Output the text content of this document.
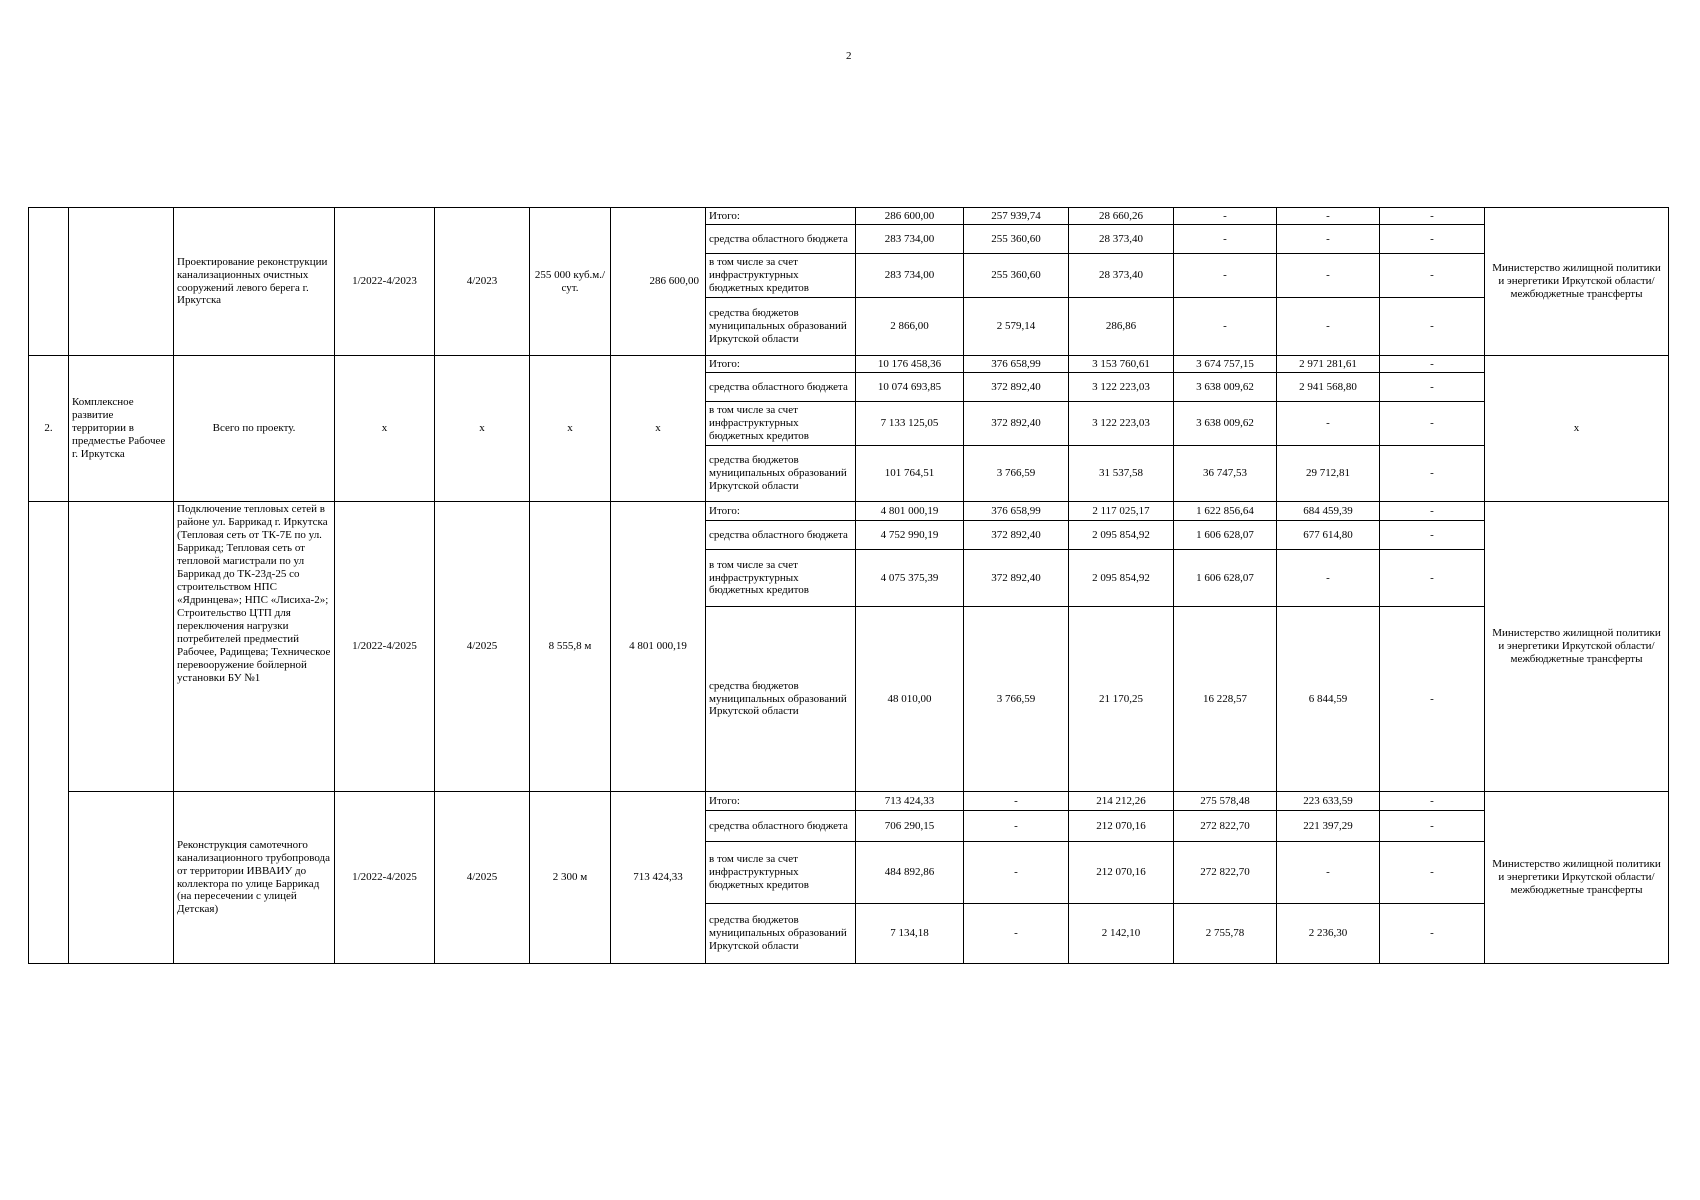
2
		Проектирование реконструкции канализационных очистных сооружений левого берега г. Иркутска	1/2022-4/2023	4/2023	255 000 куб.м./сут.	286 600,00	Итого:	286 600,00	257 939,74	28 660,26	-	-	-	Министерство жилищной политики и энергетики Иркутской области/ межбюджетные трансферты
							средства областного бюджета	283 734,00	255 360,60	28 373,40	-	-	-	
							в том числе за счет инфраструктурных бюджетных кредитов	283 734,00	255 360,60	28 373,40	-	-	-	
							средства бюджетов муниципальных образований Иркутской области	2 866,00	2 579,14	286,86	-	-	-	
2.	Комплексное развитие территории в предместье Рабочее г. Иркутска	Всего по проекту.	х	х	х	х	Итого:	10 176 458,36	376 658,99	3 153 760,61	3 674 757,15	2 971 281,61	-	х
							средства областного бюджета	10 074 693,85	372 892,40	3 122 223,03	3 638 009,62	2 941 568,80	-	
							в том числе за счет инфраструктурных бюджетных кредитов	7 133 125,05	372 892,40	3 122 223,03	3 638 009,62	-	-	
							средства бюджетов муниципальных образований Иркутской области	101 764,51	3 766,59	31 537,58	36 747,53	29 712,81	-	
		Подключение тепловых сетей в районе ул. Баррикад г. Иркутска (Тепловая сеть от ТК-7Е по ул. Баррикад; Тепловая сеть от тепловой магистрали по ул Баррикад до ТК-23д-25 со строительством НПС «Ядринцева»; НПС «Лисиха-2»; Строительство ЦТП для переключения нагрузки потребителей предместий Рабочее, Радищева; Техническое перевооружение бойлерной установки БУ №1	1/2022-4/2025	4/2025	8 555,8 м	4 801 000,19	Итого:	4 801 000,19	376 658,99	2 117 025,17	1 622 856,64	684 459,39	-	Министерство жилищной политики и энергетики Иркутской области/ межбюджетные трансферты
							средства областного бюджета	4 752 990,19	372 892,40	2 095 854,92	1 606 628,07	677 614,80	-	
							в том числе за счет инфраструктурных бюджетных кредитов	4 075 375,39	372 892,40	2 095 854,92	1 606 628,07	-	-	
							средства бюджетов муниципальных образований Иркутской области	48 010,00	3 766,59	21 170,25	16 228,57	6 844,59	-	
		Реконструкция самотечного канализационного трубопровода от территории ИВВАИУ до коллектора по улице Баррикад (на пересечении с улицей Детская)	1/2022-4/2025	4/2025	2 300 м	713 424,33	Итого:	713 424,33	-	214 212,26	275 578,48	223 633,59	-	Министерство жилищной политики и энергетики Иркутской области/ межбюджетные трансферты
							средства областного бюджета	706 290,15	-	212 070,16	272 822,70	221 397,29	-	
							в том числе за счет инфраструктурных бюджетных кредитов	484 892,86	-	212 070,16	272 822,70	-	-	
							средства бюджетов муниципальных образований Иркутской области	7 134,18	-	2 142,10	2 755,78	2 236,30	-	
